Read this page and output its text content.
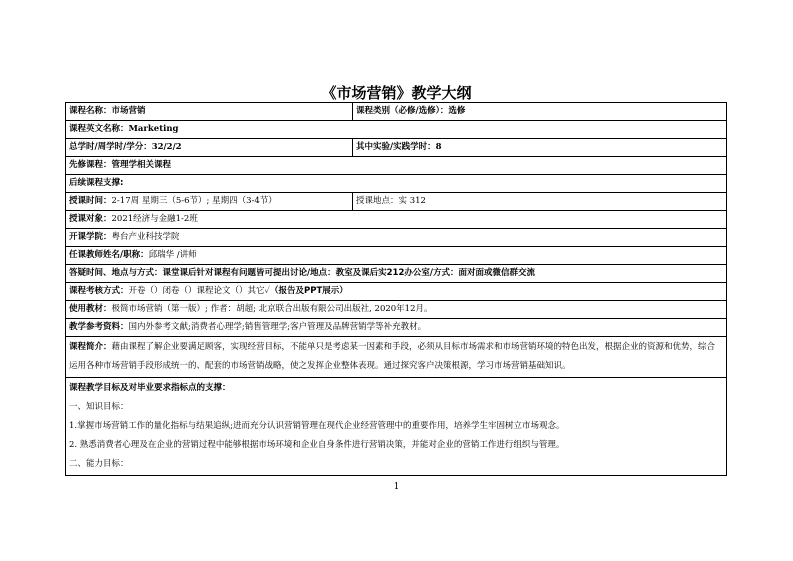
《市场营销》教学大纲
课程名称：市场营销	课程类别（必修/选修）：选修
课程英文名称：Marketing	
总学时/周学时/学分：32/2/2	其中实验/实践学时：8
先修课程：管理学相关课程	
后续课程支撑:	
授课时间：2-17周 星期三（5-6节）; 星期四（3-4节）	授课地点：实 312
授课对象：2021经济与金融1-2班	
开课学院：粤台产业科技学院	
任课教师姓名/职称：邱瑞华 /讲师	
答疑时间、地点与方式：课堂课后针对课程有问题皆可提出讨论/地点：教室及课后实212办公室/方式：面对面或微信群交流	
课程考核方式：开卷（）闭卷（）课程论文（）其它✓（报告及PPT展示）	
使用教材：极简市场营销（第一版）; 作者：胡超; 北京联合出版有限公司出版社, 2020年12月。	
教学参考资料：国内外参考文献;消费者心理学;销售管理学;客户管理及品牌营销学等补充教材。	
课程简介：藉由课程了解企业要满足顾客，实现经营目标，不能单只是考虑某一因素和手段，必须从目标市场需求和市场营销环境的特色出发，根据企业的资源和优势，综合运用各种市场营销手段形成统一的、配套的市场营销战略，使之发挥企业整体表现。通过探究客户决策根源，学习市场营销基础知识。	

课程教学目标及对毕业要求指标点的支撑：
一、知识目标：
1.掌握市场营销工作的量化指标与结果追纵;进而充分认识营销管理在现代企业经营管理中的重要作用，培养学生牢固树立市场观念。
2. 熟悉消费者心理及在企业的营销过程中能够根据市场环境和企业自身条件进行营销决策，并能对企业的营销工作进行组织与管理。
二、能力目标：	
1
